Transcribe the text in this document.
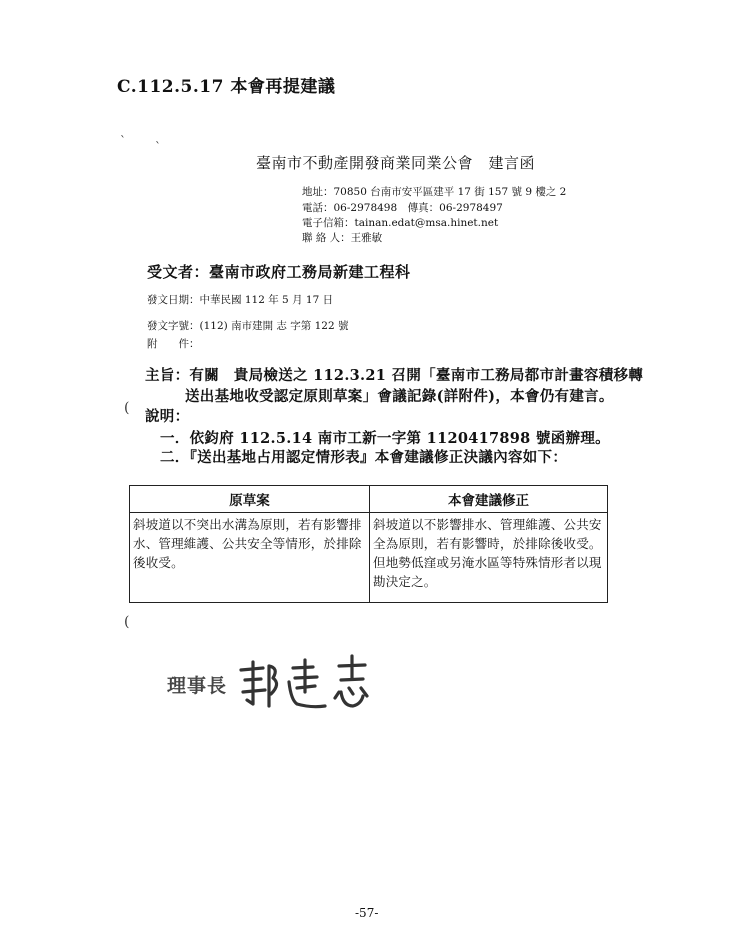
C.112.5.17 本會再提建議
` `
臺南市不動產開發商業同業公會　建言函
地址：70850 台南市安平區建平 17 街 157 號 9 樓之 2
電話：06-2978498　傳真：06-2978497
電子信箱：tainan.edat@msa.hinet.net
聯 絡 人：王雅敏
受文者：臺南市政府工務局新建工程科
發文日期：中華民國 112 年 5 月 17 日
發文字號：(112) 南市建開 志 字第 122 號
附　　件：
主旨：有關　貴局檢送之 112.3.21 召開「臺南市工務局都市計畫容積移轉
送出基地收受認定原則草案」會議記錄(詳附件)，本會仍有建言。
( 說明：
一．依鈞府 112.5.14 南市工新一字第 1120417898 號函辦理。
二．『送出基地占用認定情形表』本會建議修正決議內容如下：
原草案	本會建議修正
斜坡道以不突出水溝為原則，若有影響排水、管理維護、公共安全等情形，於排除後收受。	斜坡道以不影響排水、管理維護、公共安全為原則，若有影響時，於排除後收受。但地勢低窪或另淹水區等特殊情形者以現勘決定之。
(
理事長
-57-
